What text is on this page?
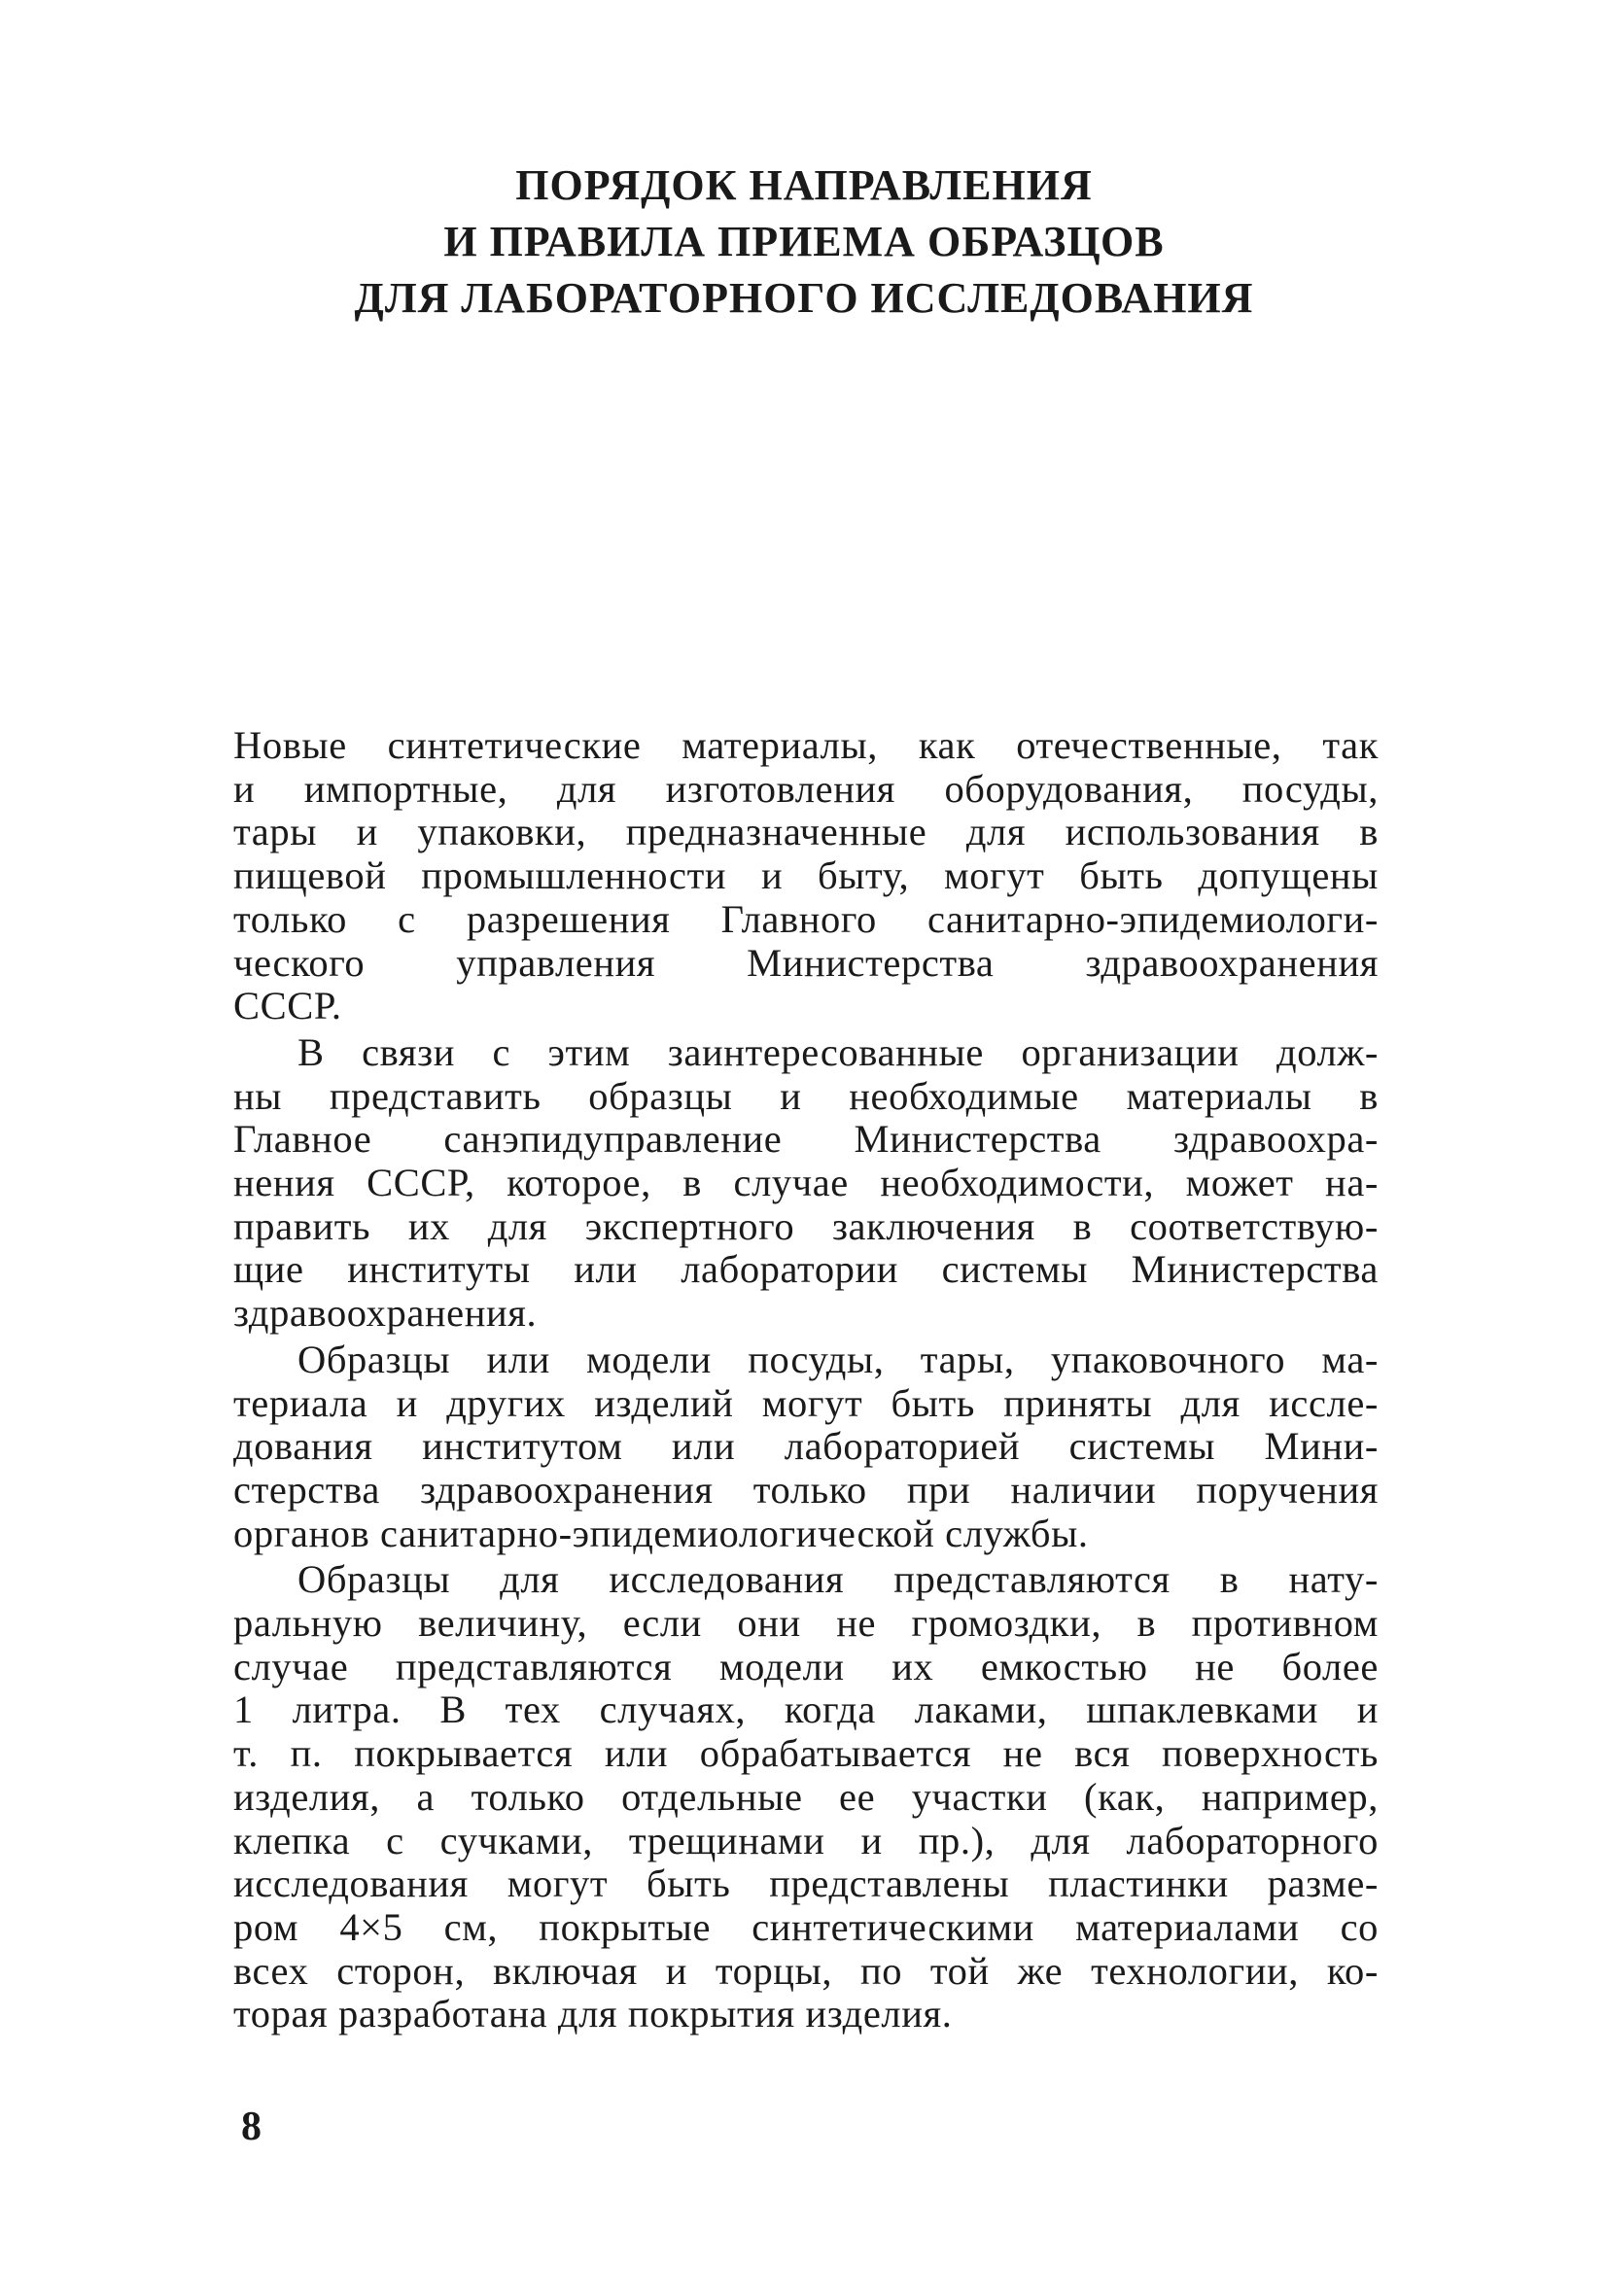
ПОРЯДОК НАПРАВЛЕНИЯ
И ПРАВИЛА ПРИЕМА ОБРАЗЦОВ
ДЛЯ ЛАБОРАТОРНОГО ИССЛЕДОВАНИЯ
Новые синтетические материалы, как отечественные, так
и импортные, для изготовления оборудования, посуды,
тары и упаковки, предназначенные для использования в
пищевой промышленности и быту, могут быть допущены
только с разрешения Главного санитарно-эпидемиологи-
ческого управления Министерства здравоохранения
СССР.
В связи с этим заинтересованные организации долж-
ны представить образцы и необходимые материалы в
Главное санэпидуправление Министерства здравоохра-
нения СССР, которое, в случае необходимости, может на-
править их для экспертного заключения в соответствую-
щие институты или лаборатории системы Министерства
здравоохранения.
Образцы или модели посуды, тары, упаковочного ма-
териала и других изделий могут быть приняты для иссле-
дования институтом или лабораторией системы Мини-
стерства здравоохранения только при наличии поручения
органов санитарно-эпидемиологической службы.
Образцы для исследования представляются в нату-
ральную величину, если они не громоздки, в противном
случае представляются модели их емкостью не более
1 литра. В тех случаях, когда лаками, шпаклевками и
т. п. покрывается или обрабатывается не вся поверхность
изделия, а только отдельные ее участки (как, например,
клепка с сучками, трещинами и пр.), для лабораторного
исследования могут быть представлены пластинки разме-
ром 4×5 см, покрытые синтетическими материалами со
всех сторон, включая и торцы, по той же технологии, ко-
торая разработана для покрытия изделия.
8
